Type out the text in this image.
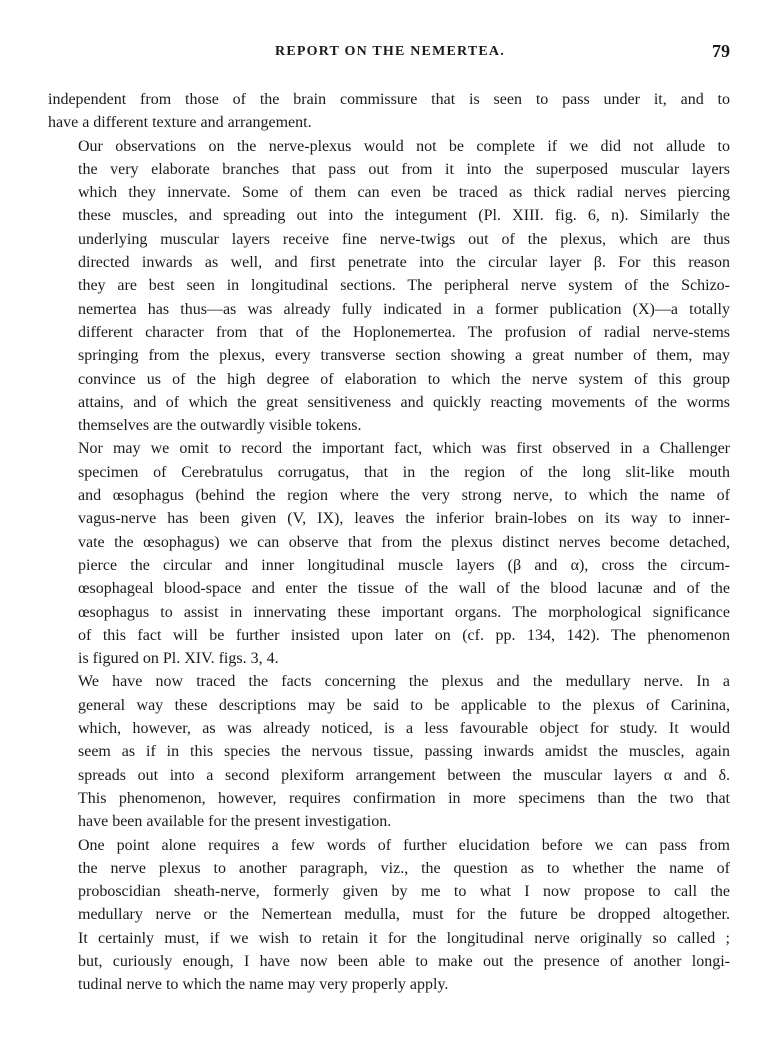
REPORT ON THE NEMERTEA.	79

independent from those of the brain commissure that is seen to pass under it, and to
have a different texture and arrangement.

Our observations on the nerve-plexus would not be complete if we did not allude to
the very elaborate branches that pass out from it into the superposed muscular layers
which they innervate. Some of them can even be traced as thick radial nerves piercing
these muscles, and spreading out into the integument (Pl. XIII. fig. 6, n). Similarly the
underlying muscular layers receive fine nerve-twigs out of the plexus, which are thus
directed inwards as well, and first penetrate into the circular layer β. For this reason
they are best seen in longitudinal sections. The peripheral nerve system of the Schizo-
nemertea has thus—as was already fully indicated in a former publication (X)—a totally
different character from that of the Hoplonemertea. The profusion of radial nerve-stems
springing from the plexus, every transverse section showing a great number of them, may
convince us of the high degree of elaboration to which the nerve system of this group
attains, and of which the great sensitiveness and quickly reacting movements of the worms
themselves are the outwardly visible tokens.

Nor may we omit to record the important fact, which was first observed in a Challenger
specimen of Cerebratulus corrugatus, that in the region of the long slit-like mouth
and œsophagus (behind the region where the very strong nerve, to which the name of
vagus-nerve has been given (V, IX), leaves the inferior brain-lobes on its way to inner-
vate the œsophagus) we can observe that from the plexus distinct nerves become detached,
pierce the circular and inner longitudinal muscle layers (β and α), cross the circum-
œsophageal blood-space and enter the tissue of the wall of the blood lacunæ and of the
œsophagus to assist in innervating these important organs. The morphological significance
of this fact will be further insisted upon later on (cf. pp. 134, 142). The phenomenon
is figured on Pl. XIV. figs. 3, 4.

We have now traced the facts concerning the plexus and the medullary nerve. In a
general way these descriptions may be said to be applicable to the plexus of Carinina,
which, however, as was already noticed, is a less favourable object for study. It would
seem as if in this species the nervous tissue, passing inwards amidst the muscles, again
spreads out into a second plexiform arrangement between the muscular layers α and δ.
This phenomenon, however, requires confirmation in more specimens than the two that
have been available for the present investigation.

One point alone requires a few words of further elucidation before we can pass from
the nerve plexus to another paragraph, viz., the question as to whether the name of
proboscidian sheath-nerve, formerly given by me to what I now propose to call the
medullary nerve or the Nemertean medulla, must for the future be dropped altogether.
It certainly must, if we wish to retain it for the longitudinal nerve originally so called ;
but, curiously enough, I have now been able to make out the presence of another longi-
tudinal nerve to which the name may very properly apply.
